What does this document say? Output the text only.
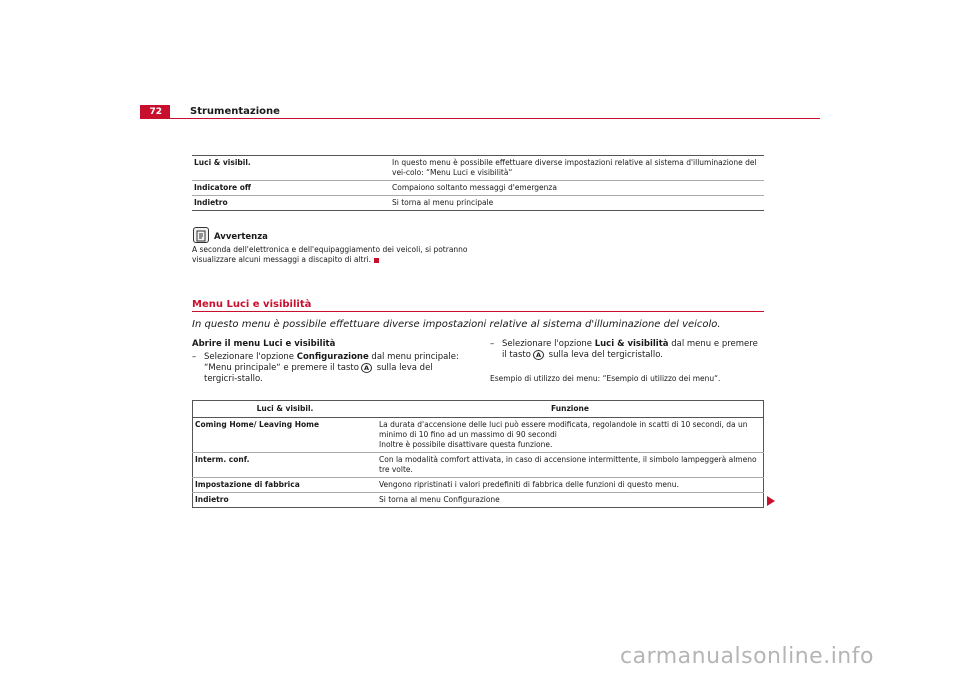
72	Strumentazione
Luci & visibil.	In questo menu è possibile effettuare diverse impostazioni relative al sistema d'illuminazione del vei-colo: “Menu Luci e visibilità“
Indicatore off	Compaiono soltanto messaggi d'emergenza
Indietro	Si torna al menu principale
Avvertenza
A seconda dell'elettronica e dell'equipaggiamento dei veicoli, si potranno visualizzare alcuni messaggi a discapito di altri.
Menu Luci e visibilità
In questo menu è possibile effettuare diverse impostazioni relative al sistema d'illuminazione del veicolo.
Abrire il menu Luci e visibilità
– Selezionare l'opzione Configurazione dal menu principale: “Menu principale“ e premere il tasto A sulla leva del tergicri-stallo.
– Selezionare l'opzione Luci & visibilità dal menu e premere il tasto A sulla leva del tergicristallo.
Esempio di utilizzo dei menu: “Esempio di utilizzo dei menu“.
Luci & visibil.	Funzione
Coming Home/ Leaving Home	La durata d'accensione delle luci può essere modificata, regolandole in scatti di 10 secondi, da un minimo di 10 fino ad un massimo di 90 secondi
Inoltre è possibile disattivare questa funzione.

Interm. conf.	Con la modalità comfort attivata, in caso di accensione intermittente, il simbolo lampeggerà almeno tre volte.
Impostazione di fabbrica	Vengono ripristinati i valori predefiniti di fabbrica delle funzioni di questo menu.
Indietro	Si torna al menu Configurazione
carmanualsonline.info
